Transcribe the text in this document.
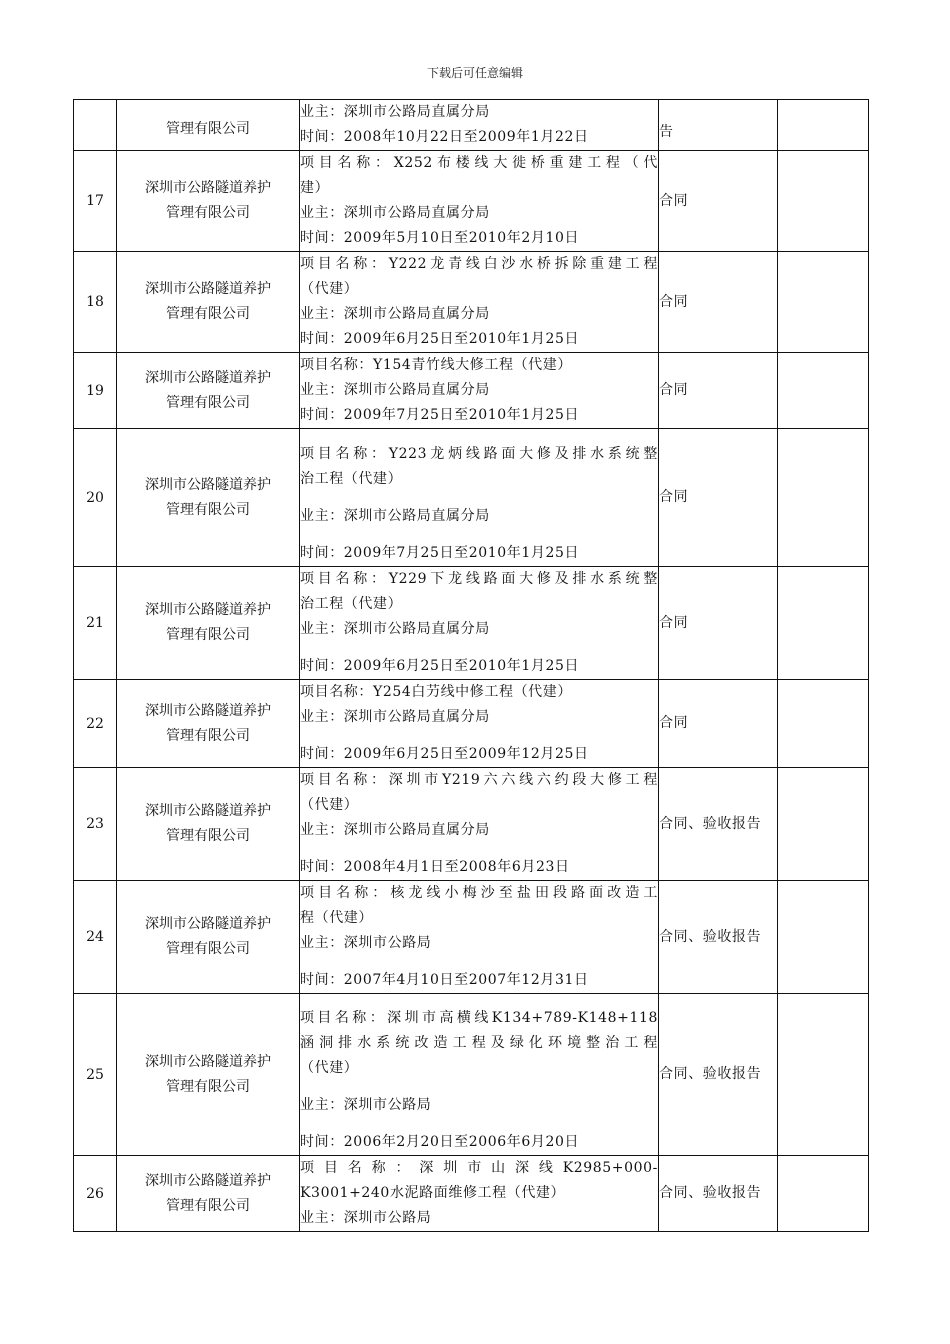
下载后可任意编辑

	管理有限公司	业主：深圳市公路局直属分局
时间：2008年10月22日至2009年1月22日	告	
17	深圳市公路隧道养护
管理有限公司	项目名称：X252布楼线大徙桥重建工程（代
建）
业主：深圳市公路局直属分局
时间：2009年5月10日至2010年2月10日	合同	
18	深圳市公路隧道养护
管理有限公司	项目名称：Y222龙青线白沙水桥拆除重建工程
（代建）
业主：深圳市公路局直属分局
时间：2009年6月25日至2010年1月25日	合同	
19	深圳市公路隧道养护
管理有限公司	项目名称：Y154青竹线大修工程（代建）
业主：深圳市公路局直属分局
时间：2009年7月25日至2010年1月25日	合同	
20	深圳市公路隧道养护
管理有限公司	项目名称：Y223龙炳线路面大修及排水系统整
治工程（代建）
业主：深圳市公路局直属分局
时间：2009年7月25日至2010年1月25日	合同	
21	深圳市公路隧道养护
管理有限公司	项目名称：Y229下龙线路面大修及排水系统整
治工程（代建）
业主：深圳市公路局直属分局
时间：2009年6月25日至2010年1月25日	合同	
22	深圳市公路隧道养护
管理有限公司	项目名称：Y254白芀线中修工程（代建）
业主：深圳市公路局直属分局
时间：2009年6月25日至2009年12月25日	合同	
23	深圳市公路隧道养护
管理有限公司	项目名称：深圳市Y219六六线六约段大修工程
（代建）
业主：深圳市公路局直属分局
时间：2008年4月1日至2008年6月23日	合同、验收报告	
24	深圳市公路隧道养护
管理有限公司	项目名称：核龙线小梅沙至盐田段路面改造工
程（代建）
业主：深圳市公路局
时间：2007年4月10日至2007年12月31日	合同、验收报告	
25	深圳市公路隧道养护
管理有限公司	项目名称：深圳市高横线K134+789-K148+118
涵洞排水系统改造工程及绿化环境整治工程
（代建）
业主：深圳市公路局
时间：2006年2月20日至2006年6月20日	合同、验收报告	
26	深圳市公路隧道养护
管理有限公司	项目名称：深圳市山深线K2985+000-
K3001+240水泥路面维修工程（代建）
业主：深圳市公路局	合同、验收报告	
